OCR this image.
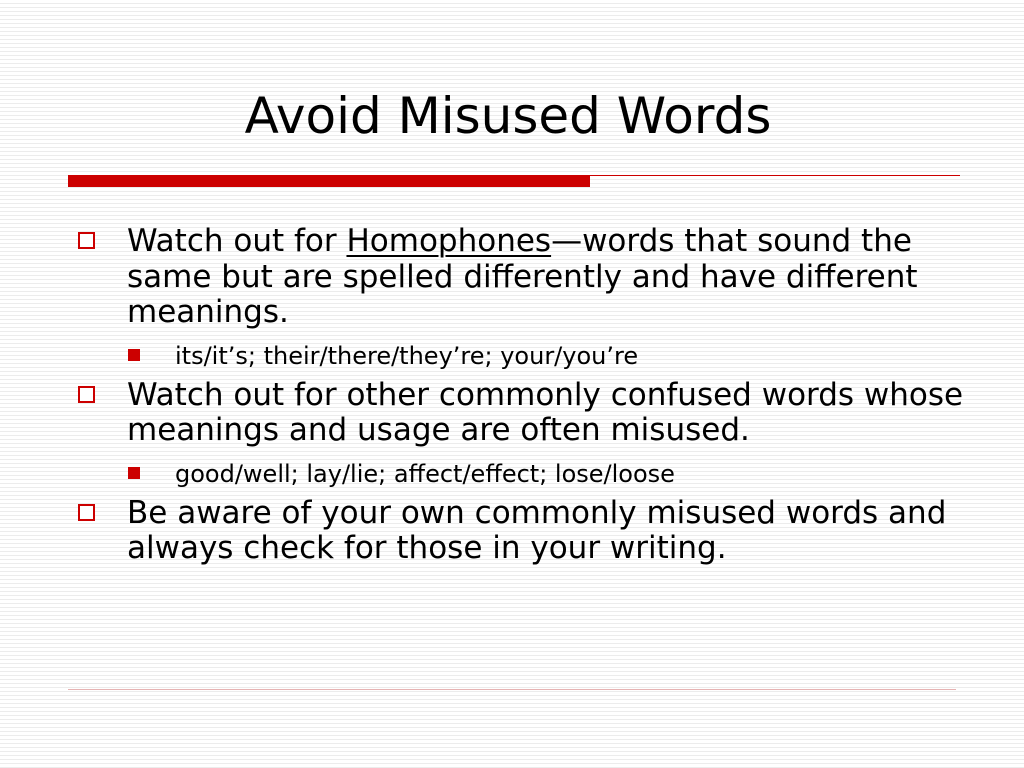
Avoid Misused Words
Watch out for Homophones—words that sound the same but are spelled differently and have different meanings.
its/it’s; their/there/they’re; your/you’re
Watch out for other commonly confused words whose meanings and usage are often misused.
good/well; lay/lie; affect/effect; lose/loose
Be aware of your own commonly misused words and always check for those in your writing.
